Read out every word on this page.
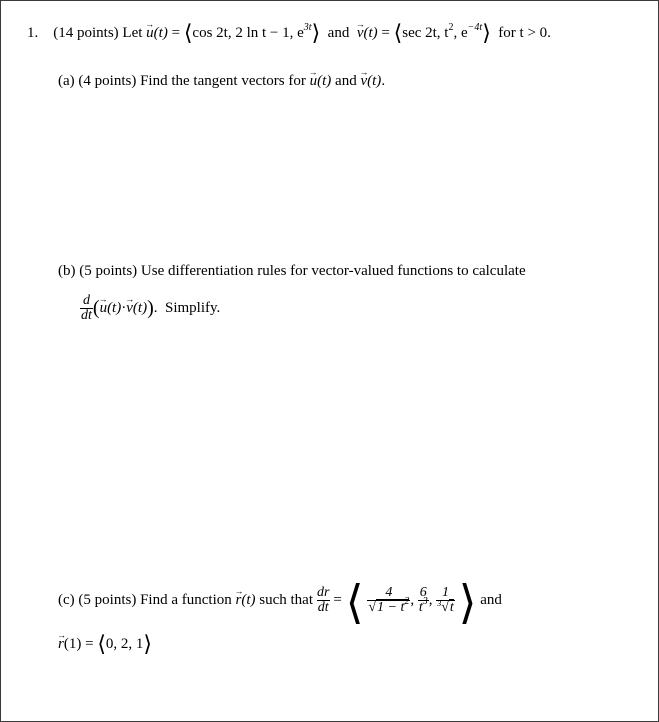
1. (14 points) Let → u(t) = ⟨cos 2t, 2 ln t − 1, $e^{3t}⟩$ and → v(t) = ⟨sec 2t, $t^2$, $e^{-4t}⟩$ for t > 0.
(a) (4 points) Find the tangent vectors for → u(t) and → v(t).
(b) (5 points) Use differentiation rules for vector-valued functions to calculate
$\frac{d}{dt}$ (→ u(t)·→ v(t)).  Simplify.
(c) (5 points) Find a function → r(t) such that $\frac{dr}{dt}$ = ⟨ $\frac{4}{√1 - t^2}$ , $\frac{6}{t^3}$ , $\frac{1}{^3√t}$ ⟩ and
→ r(1) = ⟨0, 2, 1⟩
